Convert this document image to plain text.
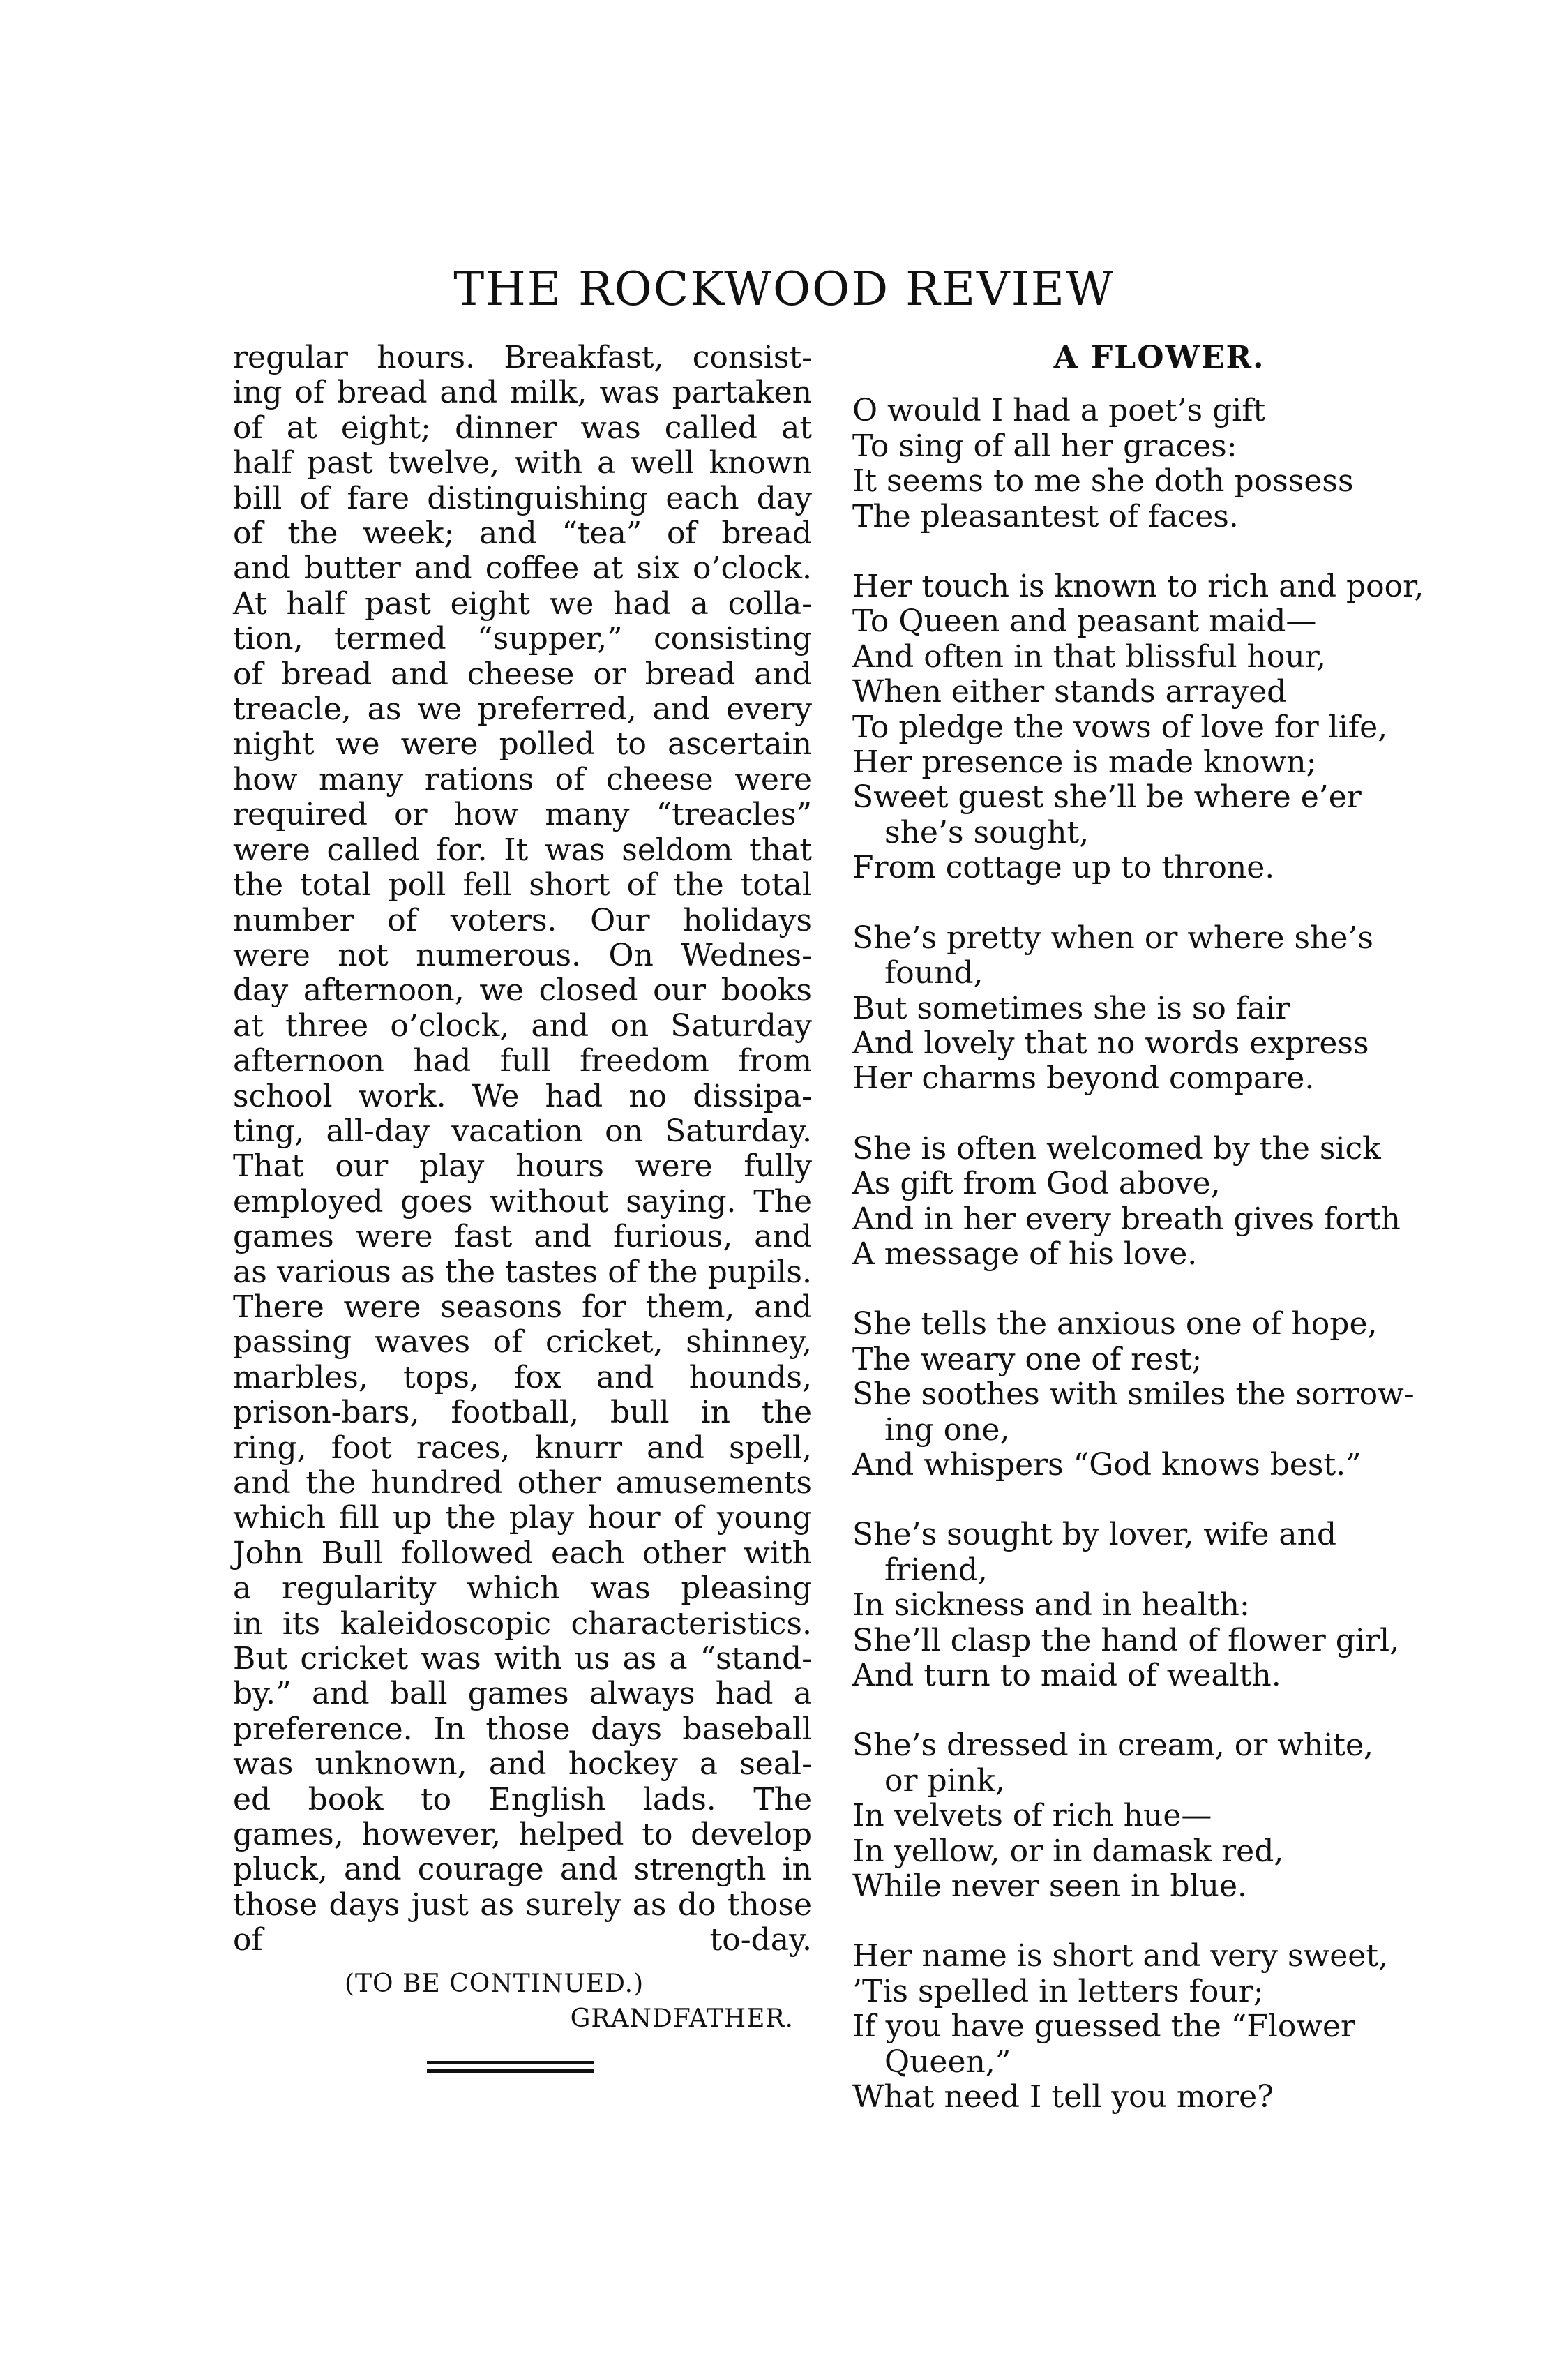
THE ROCKWOOD REVIEW
regular hours. Breakfast, consist-
ing of bread and milk, was partaken
of at eight; dinner was called at
half past twelve, with a well known
bill of fare distinguishing each day
of the week; and “tea” of bread
and butter and coffee at six o’clock.
At half past eight we had a colla-
tion, termed “supper,” consisting
of bread and cheese or bread and
treacle, as we preferred, and every
night we were polled to ascertain
how many rations of cheese were
required or how many “treacles”
were called for. It was seldom that
the total poll fell short of the total
number of voters. Our holidays
were not numerous. On Wednes-
day afternoon, we closed our books
at three o’clock, and on Saturday
afternoon had full freedom from
school work. We had no dissipa-
ting, all-day vacation on Saturday.
That our play hours were fully
employed goes without saying. The
games were fast and furious, and
as various as the tastes of the pupils.
There were seasons for them, and
passing waves of cricket, shinney,
marbles, tops, fox and hounds,
prison-bars, football, bull in the
ring, foot races, knurr and spell,
and the hundred other amusements
which fill up the play hour of young
John Bull followed each other with
a regularity which was pleasing
in its kaleidoscopic characteristics.
But cricket was with us as a “stand-
by.” and ball games always had a
preference. In those days baseball
was unknown, and hockey a seal-
ed book to English lads. The
games, however, helped to develop
pluck, and courage and strength in
those days just as surely as do those
of to-day.
(TO BE CONTINUED.)
GRANDFATHER.
A FLOWER.
O would I had a poet’s gift
To sing of all her graces:
It seems to me she doth possess
The pleasantest of faces.
Her touch is known to rich and poor,
To Queen and peasant maid—
And often in that blissful hour,
When either stands arrayed
To pledge the vows of love for life,
Her presence is made known;
Sweet guest she’ll be where e’er
she’s sought,
From cottage up to throne.
She’s pretty when or where she’s
found,
But sometimes she is so fair
And lovely that no words express
Her charms beyond compare.
She is often welcomed by the sick
As gift from God above,
And in her every breath gives forth
A message of his love.
She tells the anxious one of hope,
The weary one of rest;
She soothes with smiles the sorrow-
ing one,
And whispers “God knows best.”
She’s sought by lover, wife and
friend,
In sickness and in health:
She’ll clasp the hand of flower girl,
And turn to maid of wealth.
She’s dressed in cream, or white,
or pink,
In velvets of rich hue—
In yellow, or in damask red,
While never seen in blue.
Her name is short and very sweet,
’Tis spelled in letters four;
If you have guessed the “Flower
Queen,”
What need I tell you more?
